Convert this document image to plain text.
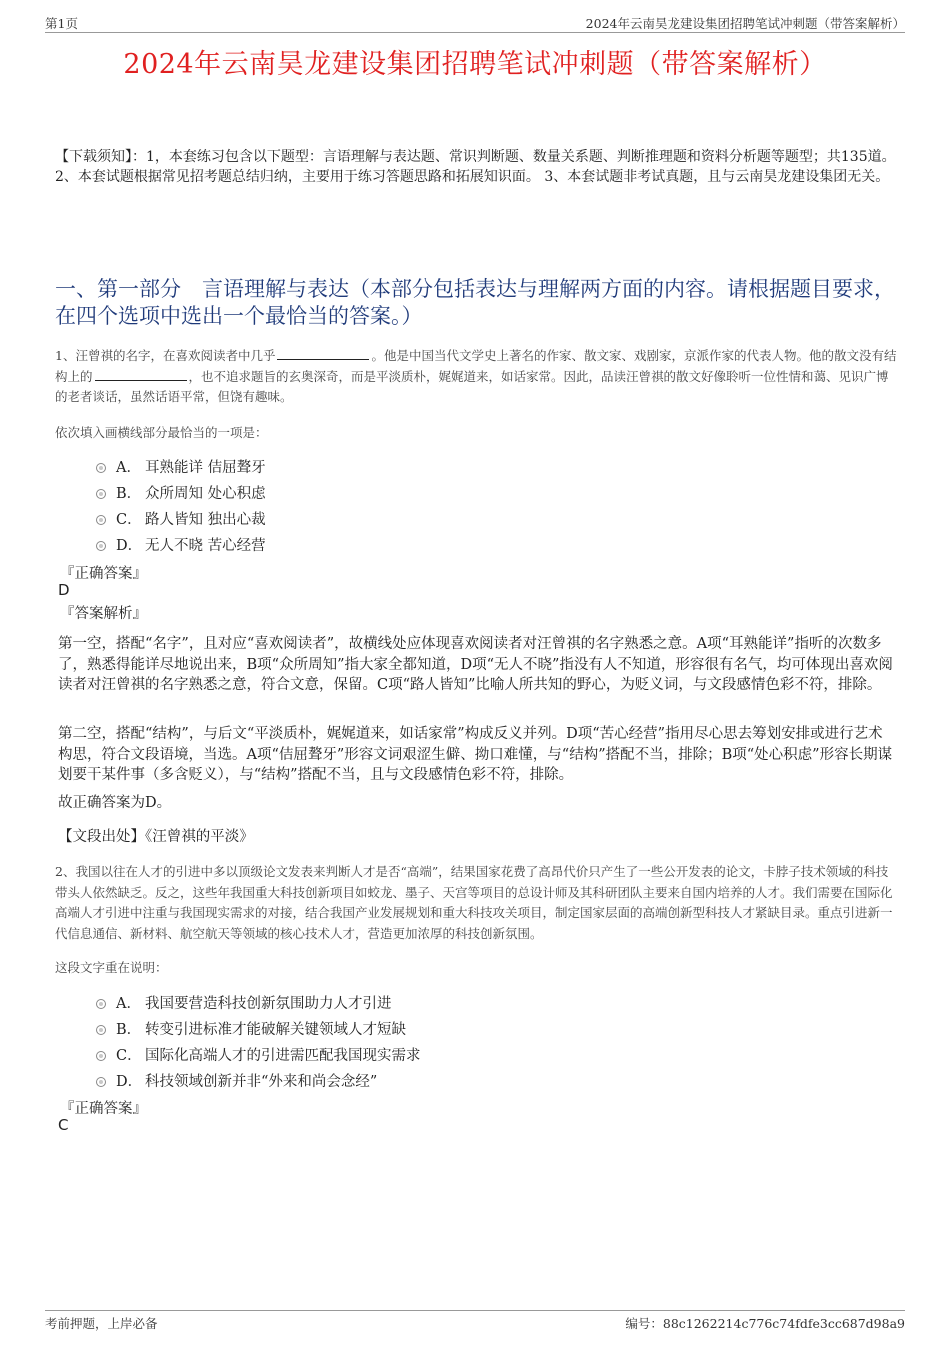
第1页	2024年云南昊龙建设集团招聘笔试冲刺题（带答案解析）
2024年云南昊龙建设集团招聘笔试冲刺题（带答案解析）
【下载须知】：1，本套练习包含以下题型：言语理解与表达题、常识判断题、数量关系题、判断推理题和资料分析题等题型；共135道。 2、本套试题根据常见招考题总结归纳，主要用于练习答题思路和拓展知识面。 3、本套试题非考试真题，且与云南昊龙建设集团无关。
一、第一部分　言语理解与表达（本部分包括表达与理解两方面的内容。请根据题目要求，在四个选项中选出一个最恰当的答案。）
1、汪曾祺的名字，在喜欢阅读者中几乎	。他是中国当代文学史上著名的作家、散文家、戏剧家，京派作家的代表人物。他的散文没有结构上的	，也不追求题旨的玄奥深奇，而是平淡质朴，娓娓道来，如话家常。因此，品读汪曾祺的散文好像聆听一位性情和蔼、见识广博的老者谈话，虽然话语平常，但饶有趣味。
依次填入画横线部分最恰当的一项是：
A． 耳熟能详 佶屈聱牙
B． 众所周知 处心积虑
C． 路人皆知 独出心裁
D． 无人不晓 苦心经营
『正确答案』
D
『答案解析』
第一空，搭配“名字”，且对应“喜欢阅读者”，故横线处应体现喜欢阅读者对汪曾祺的名字熟悉之意。A项“耳熟能详”指听的次数多了，熟悉得能详尽地说出来，B项“众所周知”指大家全都知道，D项“无人不晓”指没有人不知道，形容很有名气，均可体现出喜欢阅读者对汪曾祺的名字熟悉之意，符合文意，保留。C项“路人皆知”比喻人所共知的野心，为贬义词，与文段感情色彩不符，排除。
第二空，搭配“结构”，与后文“平淡质朴，娓娓道来，如话家常”构成反义并列。D项“苦心经营”指用尽心思去筹划安排或进行艺术构思，符合文段语境，当选。A项“佶屈聱牙”形容文词艰涩生僻、拗口难懂，与“结构”搭配不当，排除；B项“处心积虑”形容长期谋划要干某件事（多含贬义），与“结构”搭配不当，且与文段感情色彩不符，排除。
故正确答案为D。
【文段出处】《汪曾祺的平淡》
2、我国以往在人才的引进中多以顶级论文发表来判断人才是否“高端”，结果国家花费了高昂代价只产生了一些公开发表的论文，卡脖子技术领域的科技带头人依然缺乏。反之，这些年我国重大科技创新项目如蛟龙、墨子、天宫等项目的总设计师及其科研团队主要来自国内培养的人才。我们需要在国际化高端人才引进中注重与我国现实需求的对接，结合我国产业发展规划和重大科技攻关项目，制定国家层面的高端创新型科技人才紧缺目录。重点引进新一代信息通信、新材料、航空航天等领域的核心技术人才，营造更加浓厚的科技创新氛围。
这段文字重在说明：
A． 我国要营造科技创新氛围助力人才引进
B． 转变引进标准才能破解关键领域人才短缺
C． 国际化高端人才的引进需匹配我国现实需求
D． 科技领域创新并非“外来和尚会念经”
『正确答案』
C
考前押题，上岸必备	编号：88c1262214c776c74fdfe3cc687d98a9
